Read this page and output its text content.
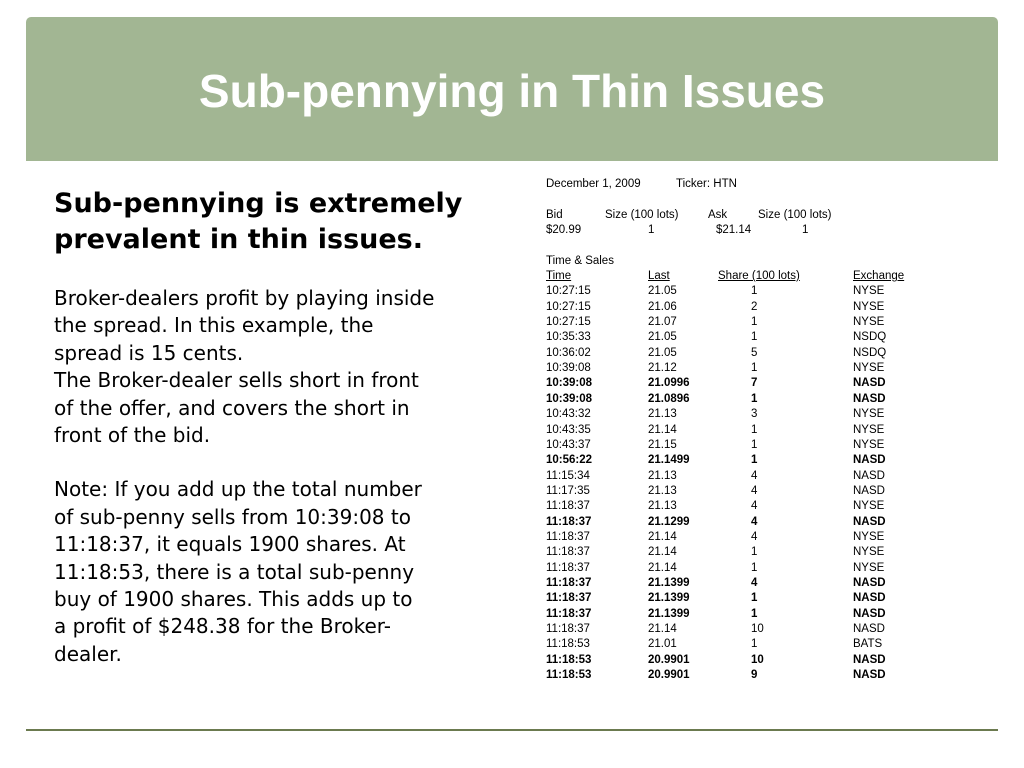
Sub-pennying in Thin Issues

Sub-pennying is extremely
prevalent in thin issues.

Broker-dealers profit by playing inside
the spread. In this example, the
spread is 15 cents.
The Broker-dealer sells short in front
of the offer, and covers the short in
front of the bid.

Note: If you add up the total number
of sub-penny sells from 10:39:08 to
11:18:37, it equals 1900 shares. At
11:18:53, there is a total sub-penny
buy of 1900 shares. This adds up to
a profit of $248.38 for the Broker-
dealer.

December 1, 2009	Ticker: HTN
Bid	Size (100 lots)	Ask	Size (100 lots)
$20.99	1	$21.14	1
Time & Sales
Time	Last	Share (100 lots)	Exchange
10:27:15	21.05	1	NYSE
10:27:15	21.06	2	NYSE
10:27:15	21.07	1	NYSE
10:35:33	21.05	1	NSDQ
10:36:02	21.05	5	NSDQ
10:39:08	21.12	1	NYSE
10:39:08	21.0996	7	NASD
10:39:08	21.0896	1	NASD
10:43:32	21.13	3	NYSE
10:43:35	21.14	1	NYSE
10:43:37	21.15	1	NYSE
10:56:22	21.1499	1	NASD
11:15:34	21.13	4	NASD
11:17:35	21.13	4	NASD
11:18:37	21.13	4	NYSE
11:18:37	21.1299	4	NASD
11:18:37	21.14	4	NYSE
11:18:37	21.14	1	NYSE
11:18:37	21.14	1	NYSE
11:18:37	21.1399	4	NASD
11:18:37	21.1399	1	NASD
11:18:37	21.1399	1	NASD
11:18:37	21.14	10	NASD
11:18:53	21.01	1	BATS
11:18:53	20.9901	10	NASD
11:18:53	20.9901	9	NASD
